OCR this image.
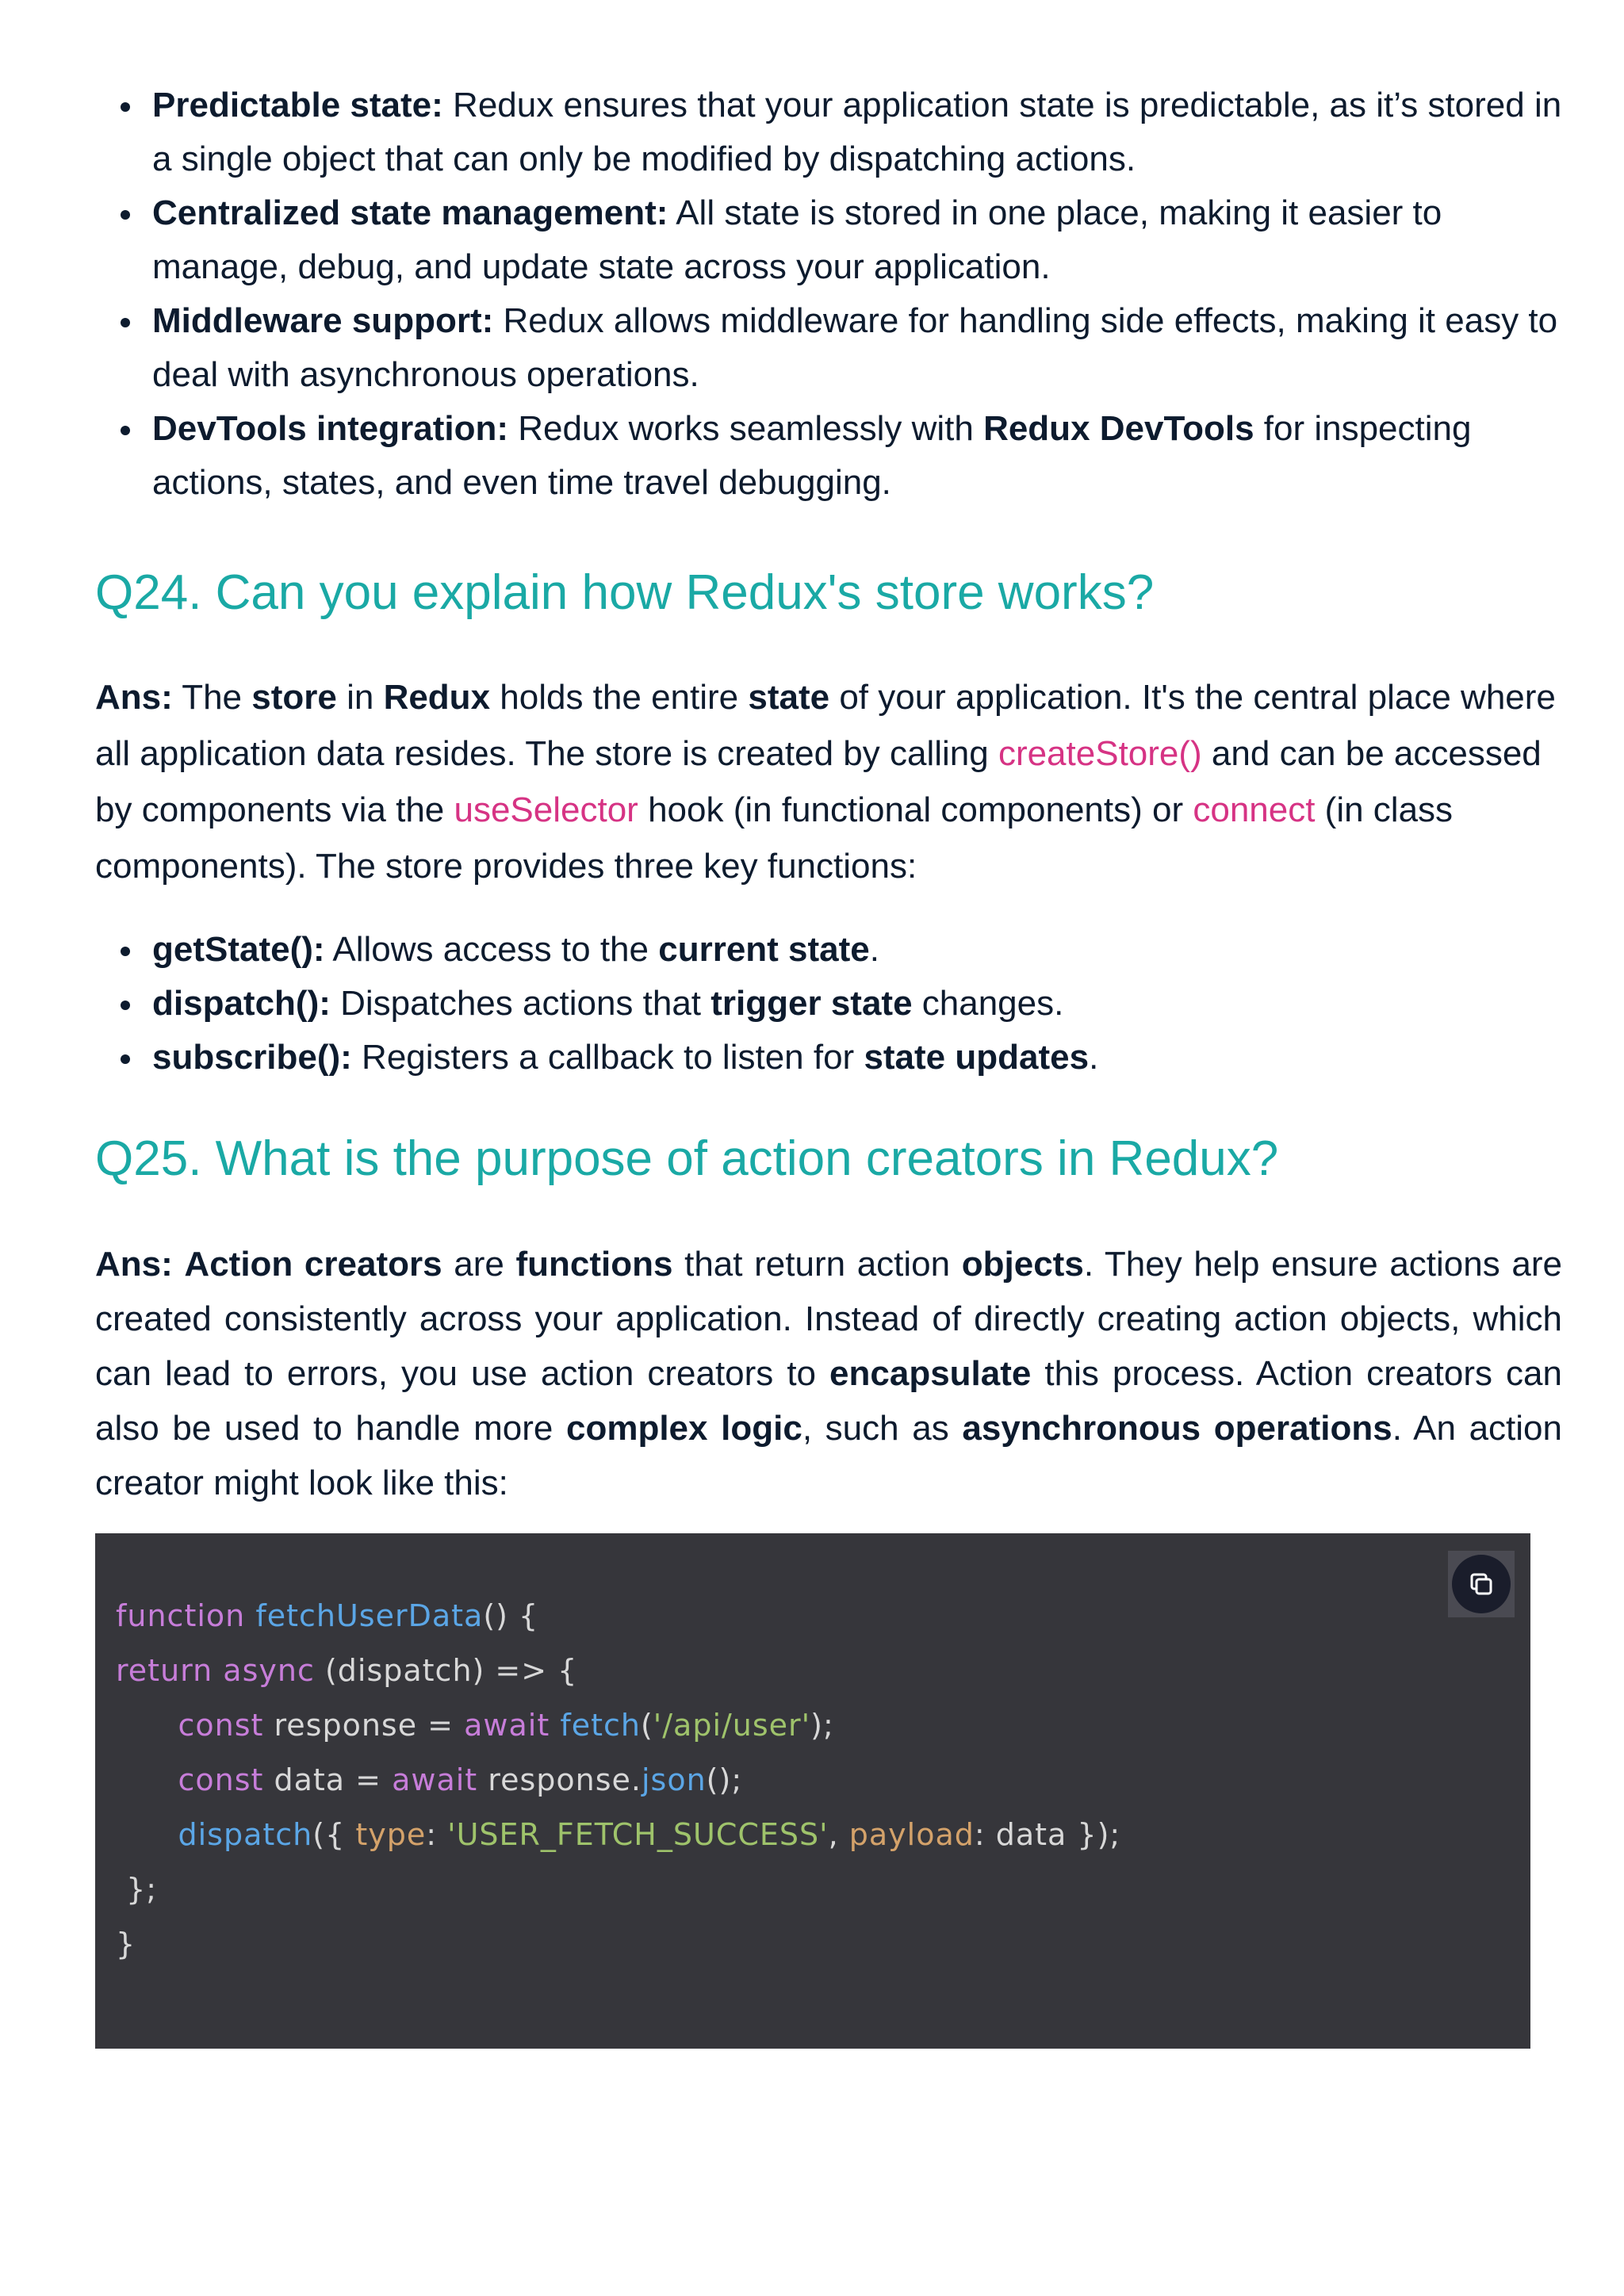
Predictable state: Redux ensures that your application state is predictable, as it’s stored in a single object that can only be modified by dispatching actions.
Centralized state management: All state is stored in one place, making it easier to manage, debug, and update state across your application.
Middleware support: Redux allows middleware for handling side effects, making it easy to deal with asynchronous operations.
DevTools integration: Redux works seamlessly with Redux DevTools for inspecting actions, states, and even time travel debugging.
Q24. Can you explain how Redux's store works?

Ans: The store in Redux holds the entire state of your application. It's the central place where all application data resides. The store is created by calling createStore() and can be accessed by components via the useSelector hook (in functional components) or connect (in class components). The store provides three key functions:

getState(): Allows access to the current state.
dispatch(): Dispatches actions that trigger state changes.
subscribe(): Registers a callback to listen for state updates.
Q25. What is the purpose of action creators in Redux?

Ans: Action creators are functions that return action objects. They help ensure actions are created consistently across your application. Instead of directly creating action objects, which can lead to errors, you use action creators to encapsulate this process. Action creators can also be used to handle more complex logic, such as asynchronous operations. An action creator might look like this:

function fetchUserData() {
return async (dispatch) => {
const response = await fetch('/api/user');
const data = await response.json();
dispatch({ type: 'USER_FETCH_SUCCESS', payload: data });
};
}
